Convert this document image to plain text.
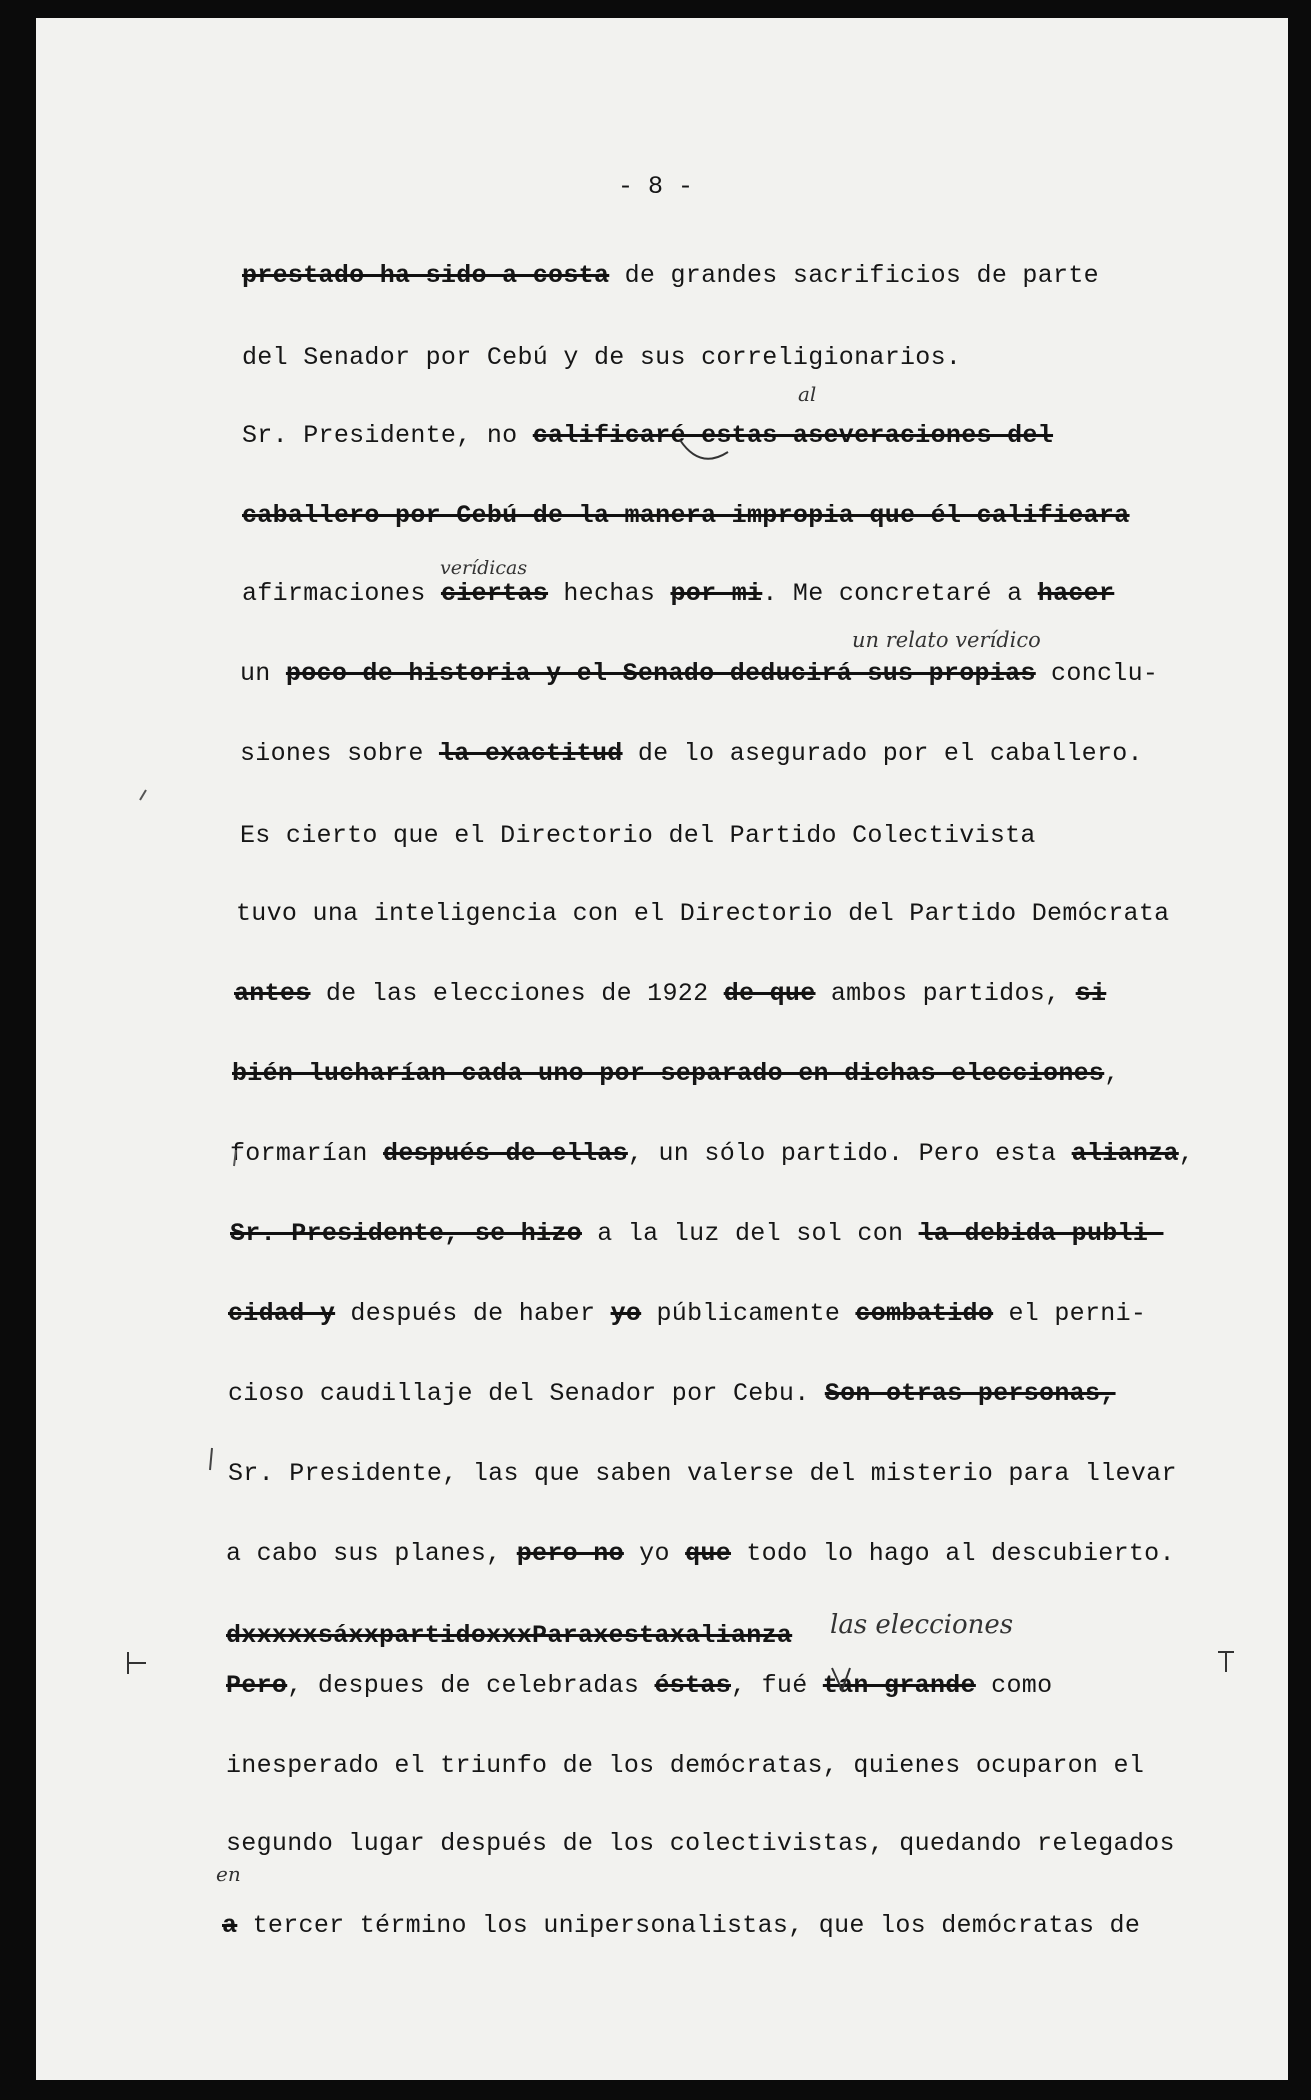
- 8 -
prestado ha sido a costa de grandes sacrificios de parte
del Senador por Cebú y de sus correligionarios.
Sr. Presidente, no calificaré estas aseveraciones del
caballero por Cebú de la manera impropia que él califieara
afirmaciones ciertas hechas por mi. Me concretaré a hacer
un poco de historia y el Senado deducirá sus propias conclu-
siones sobre la exactitud de lo asegurado por el caballero.
Es cierto que el Directorio del Partido Colectivista
tuvo una inteligencia con el Directorio del Partido Demócrata
antes de las elecciones de 1922 de que ambos partidos, si
bién lucharían cada uno por separado en dichas elecciones,
formarían después de ellas, un sólo partido. Pero esta alianza,
Sr. Presidente, se hizo a la luz del sol con la debida publi-
cidad y después de haber yo públicamente combatido el perni-
cioso caudillaje del Senador por Cebu. Son otras personas,
Sr. Presidente, las que saben valerse del misterio para llevar
a cabo sus planes, pero no yo que todo lo hago al descubierto.
dxxxxxsáxxpartidoxxxParaxestaxalianza
Pero, despues de celebradas éstas, fué tan grande como
inesperado el triunfo de los demócratas, quienes ocuparon el
segundo lugar después de los colectivistas, quedando relegados
a tercer término los unipersonalistas, que los demócratas de
al
verídicas
un relato verídico
las elecciones
en
